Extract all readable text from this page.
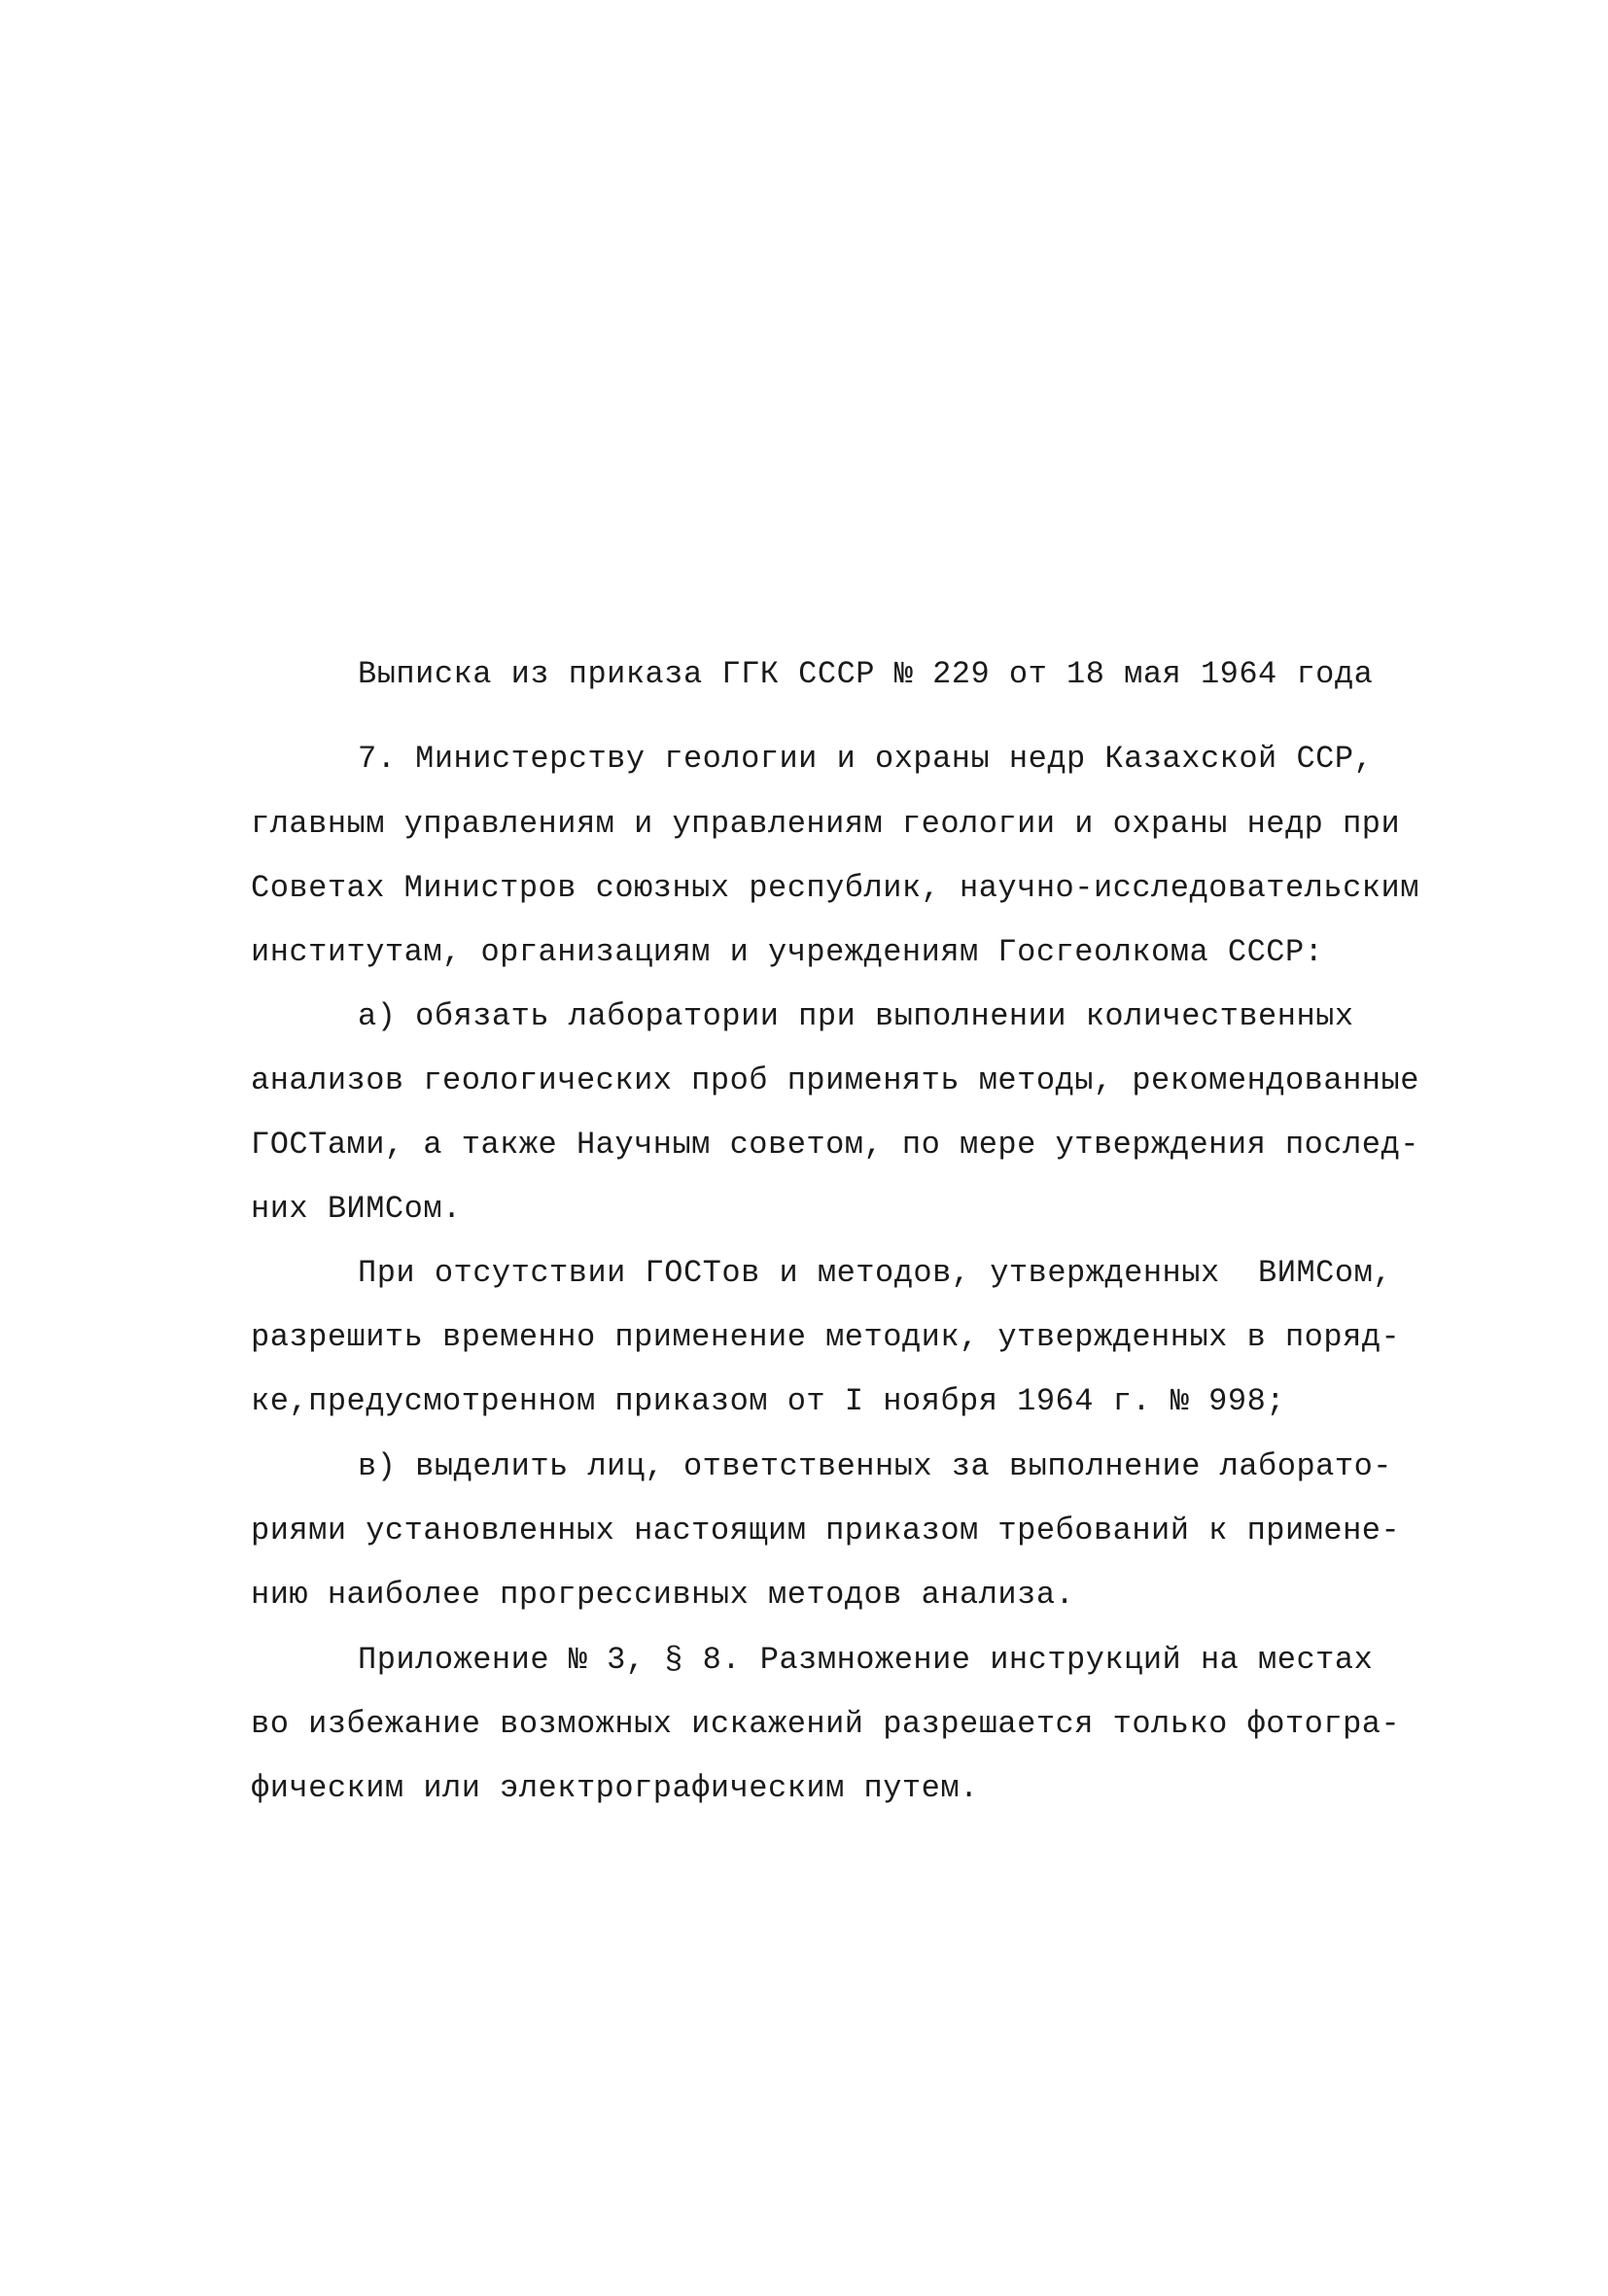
Выписка из приказа ГГК СССР № 229 от 18 мая 1964 года
7. Министерству геологии и охраны недр Казахской ССР,
главным управлениям и управлениям геологии и охраны недр при
Советах Министров союзных республик, научно-исследовательским
институтам, организациям и учреждениям Госгеолкома СССР:
а) обязать лаборатории при выполнении количественных
анализов геологических проб применять методы, рекомендованные
ГОСТами, а также Научным советом, по мере утверждения послед-
них ВИМСом.
При отсутствии ГОСТов и методов, утвержденных  ВИМСом,
разрешить временно применение методик, утвержденных в поряд-
ке,предусмотренном приказом от I ноября 1964 г. № 998;
в) выделить лиц, ответственных за выполнение лаборато-
риями установленных настоящим приказом требований к примене-
нию наиболее прогрессивных методов анализа.
Приложение № 3, § 8. Размножение инструкций на местах
во избежание возможных искажений разрешается только фотогра-
фическим или электрографическим путем.
